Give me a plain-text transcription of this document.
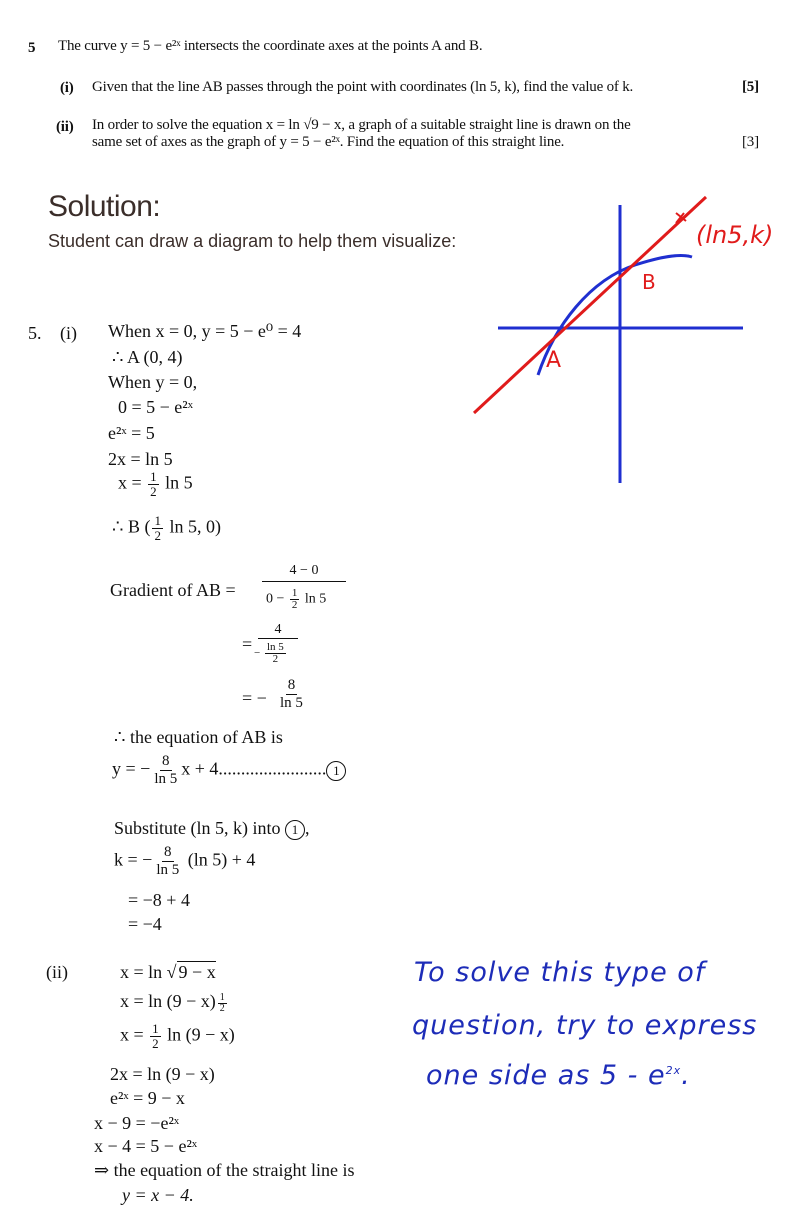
5 The curve y = 5 − e²ˣ intersects the coordinate axes at the points A and B.
(i) Given that the line AB passes through the point with coordinates (ln 5, k), find the value of k.	[5]
(ii) In order to solve the equation x = ln √9 − x, a graph of a suitable straight line is drawn on the
same set of axes as the graph of y = 5 − e²ˣ. Find the equation of this straight line.	[3]
Solution:
Student can draw a diagram to help them visualize:	(ln5,k)
A
B
5. (i) When x = 0, y = 5 − e⁰ = 4
∴ A (0, 4)
When y = 0,
0 = 5 − e²ˣ
e²ˣ = 5
2x = ln 5
$x = \frac{1}{2}$ ln 5
∴ B ( $\frac{1}{2}$ ln 5, 0)
Gradient of AB =
4 − 0
$0 - \frac{1}{2}$ ln 5
=
4
− $\frac{\ln 5}{2}$
= − $\frac{8}{\ln 5}$
∴ the equation of AB is
y = − $\frac{8}{\ln 5}$ x + 4........................ 1
Substitute (ln 5, k) into 1 ,
k = − $\frac{8}{\ln 5} (\ln$ 5) + 4
= −8 + 4
= −4
(ii)	x = ln √ 9 − x
$x = \ln (9 - x) \frac{1}{2}$
$x = \frac{1}{2}$ ln (9 − x)
2x = ln (9 − x)
e²ˣ = 9 − x
x − 9 = −e²ˣ
x − 4 = 5 − e²ˣ
⇒ the equation of the straight line is
y = x − 4.
To solve this type of
question, try to express
one side as $5 - e^{2x}$.
